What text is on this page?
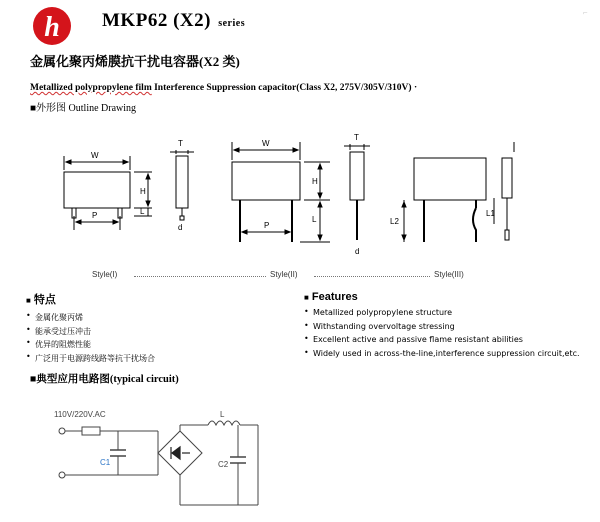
h MKP62 (X2) series
⌐
金属化聚丙烯膜抗干扰电容器(X2 类)
Metallized polypropylene film Interference Suppression capacitor(Class X2, 275V/305V/310V) ·
■外形图 Outline Drawing
W
T
H
P	L
d
W
T
H
P
L
d
L2
L1
Style(I)	Style(II)	Style(III)
■ 特点
• 金属化聚丙烯
• 能承受过压冲击
• 优异的阻燃性能
• 广泛用于电源跨线路等抗干扰场合
■ Features
• Metallized polypropylene structure
• Withstanding overvoltage stressing
• Excellent active and passive flame resistant abilities
• Widely used in across-the-line,interference suppression circuit,etc.
■典型应用电路图(typical circuit)
110V/220V.AC
C1
L
C2
